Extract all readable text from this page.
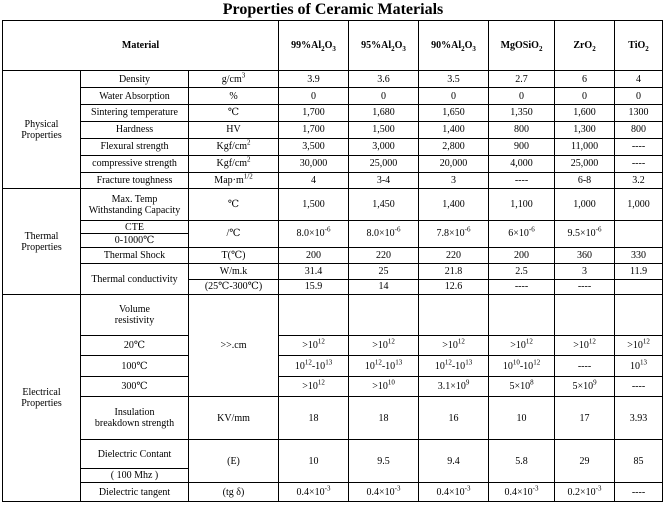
Properties of Ceramic Materials
Material			$99\%Al_2O_3$	$95\%Al_2O_3$	$90\%Al_2O_3$	MgOSiO$_2$	ZrO$_2$	TiO$_2$
Physical
Properties	Density	$g/cm^3$	3.9	3.6	3.5	2.7	6	4
	Water Absorption	%	0	0	0	0	0	0
	Sintering temperature	℃	1,700	1,680	1,650	1,350	1,600	1300
	Hardness	HV	1,700	1,500	1,400	800	1,300	800
	Flexural strength	Kgf/$cm^2$	3,500	3,000	2,800	900	11,000	----
	compressive strength	Kgf/$cm^2$	30,000	25,000	20,000	4,000	25,000	----
	Fracture toughness	$Map\cdot m^{1/2}$	4	3-4	3	----	6-8	3.2
Thermal
Properties	Max. Temp
Withstanding Capacity	℃	1,500	1,450	1,400	1,100	1,000	1,000
	CTE	/℃	$8.0\times 10^{-6}$	$8.0\times 10^{-6}$	$7.8\times 10^{-6}$	$6\times 10^{-6}$	$9.5\times 10^{-6}$	
	0-1000℃							
	Thermal Shock	T(℃)	200	220	220	200	360	330
	Thermal conductivity	W/m.k	31.4	25	21.8	2.5	3	11.9
		(25℃-300℃)	15.9	14	12.6	----	----	
Electrical
Properties	Volume
resistivity	>>.cm						
	20℃		$>10^{12}$	$>10^{12}$	$>10^{12}$	$>10^{12}$	$>10^{12}$	$>10^{12}$
	100℃		$10^{12}-10^{13}$	$10^{12}-10^{13}$	$10^{12}-10^{13}$	$10^{10}-10^{12}$	----	$10^{13}$
	300℃		$>10^{12}$	$>10^{10}$	$3.1\times 10^9$	$5\times 10^8$	$5\times 10^9$	----
	Insulation
breakdown strength	KV/mm	18	18	16	10	17	3.93
	Dielectric Contant	(E)	10	9.5	9.4	5.8	29	85
	( 100 Mhz )							
	Dielectric tangent	(tg δ)	$0.4\times 10^{-3}$	$0.4\times 10^{-3}$	$0.4\times 10^{-3}$	$0.4\times 10^{-3}$	$0.2\times 10^{-3}$	----
